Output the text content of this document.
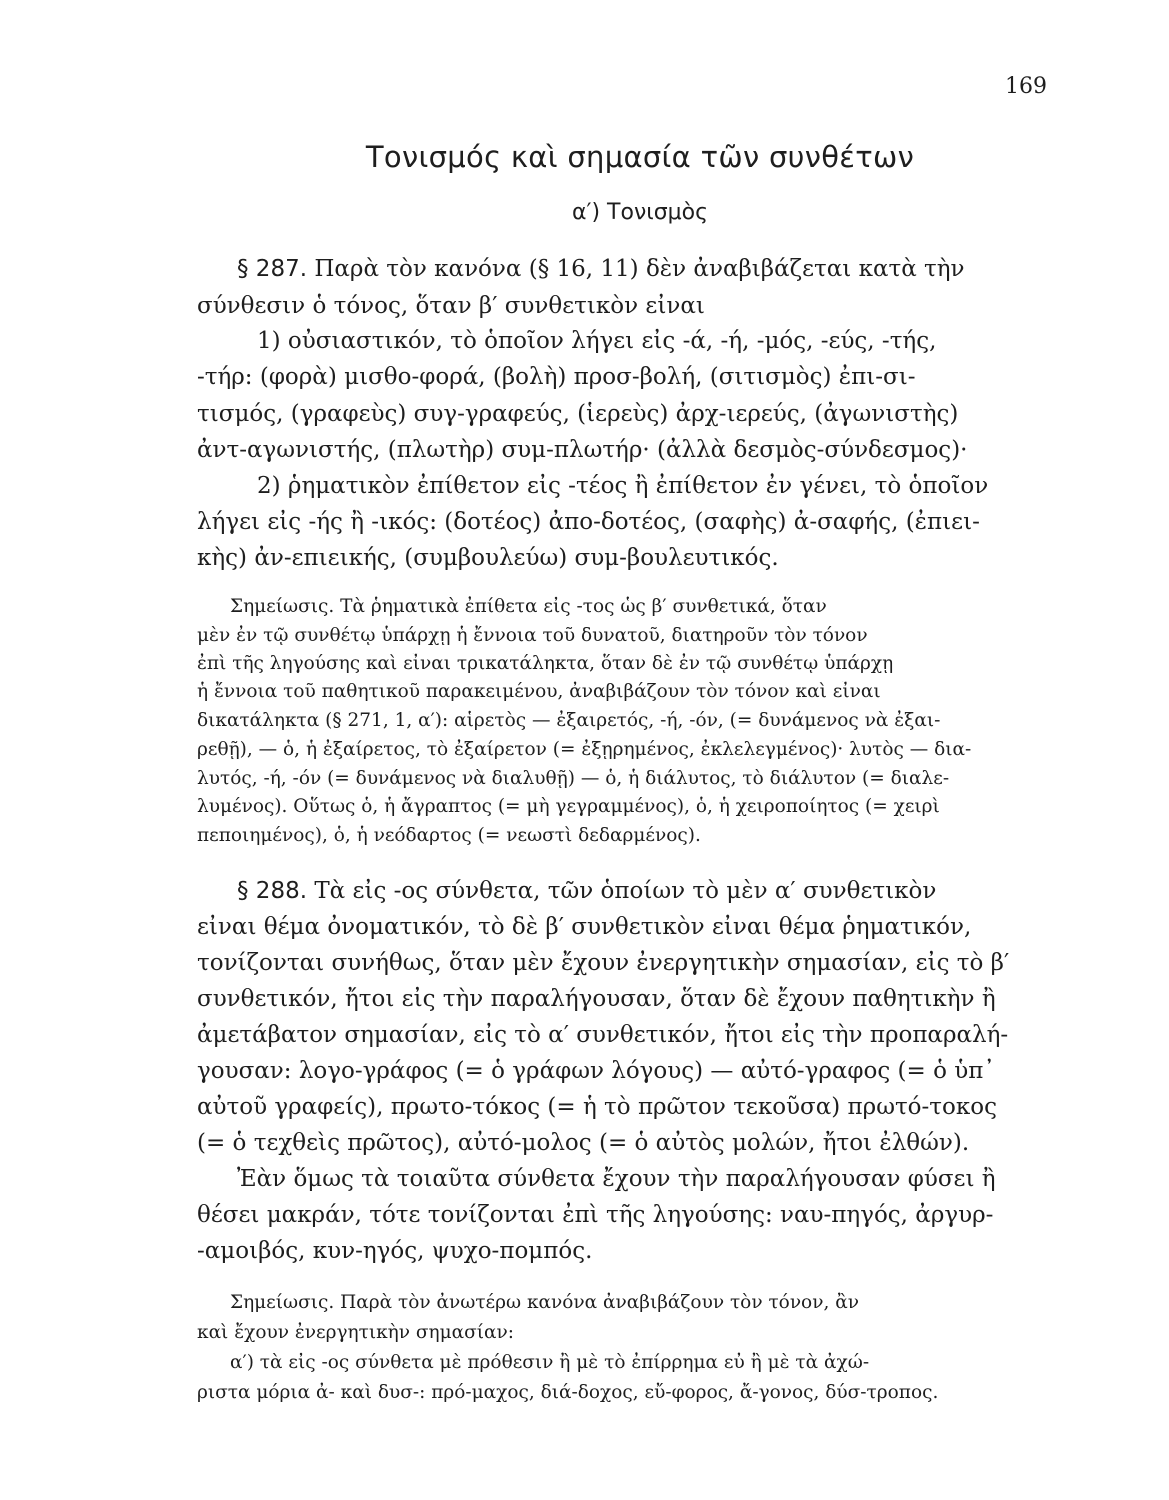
169
Τονισμός καὶ σημασία τῶν συνθέτων
α′) Τονισμὸς
§ 287. Παρὰ τὸν κανόνα (§ 16, 11) δὲν ἀναβιβάζεται κατὰ τὴν
σύνθεσιν ὁ τόνος, ὅταν β′ συνθετικὸν εἶναι
1) οὐσιαστικόν, τὸ ὁποῖον λήγει εἰς -ά, -ή, -μός, -εύς, -τής,
-τήρ: (φορὰ) μισθο-φορά, (βολὴ) προσ-βολή, (σιτισμὸς) ἐπι-σι-
τισμός, (γραφεὺς) συγ-γραφεύς, (ἱερεὺς) ἀρχ-ιερεύς, (ἀγωνιστὴς)
ἀντ-αγωνιστής, (πλωτὴρ) συμ-πλωτήρ· (ἀλλὰ δεσμὸς-σύνδεσμος)·
2) ῥηματικὸν ἐπίθετον εἰς -τέος ἢ ἐπίθετον ἐν γένει, τὸ ὁποῖον
λήγει εἰς -ής ἢ -ικός: (δοτέος) ἀπο-δοτέος, (σαφὴς) ἀ-σαφής, (ἐπιει-
κὴς) ἀν-επιεικής, (συμβουλεύω) συμ-βουλευτικός.
Σημείωσις. Τὰ ῥηματικὰ ἐπίθετα εἰς -τος ὡς β′ συνθετικά, ὅταν
μὲν ἐν τῷ συνθέτῳ ὑπάρχῃ ἡ ἔννοια τοῦ δυνατοῦ, διατηροῦν τὸν τόνον
ἐπὶ τῆς ληγούσης καὶ εἶναι τρικατάληκτα, ὅταν δὲ ἐν τῷ συνθέτῳ ὑπάρχῃ
ἡ ἔννοια τοῦ παθητικοῦ παρακειμένου, ἀναβιβάζουν τὸν τόνον καὶ εἶναι
δικατάληκτα (§ 271, 1, α′): αἱρετὸς — ἐξαιρετός, -ή, -όν, (= δυνάμενος νὰ ἐξαι-
ρεθῇ), — ὁ, ἡ ἐξαίρετος, τὸ ἐξαίρετον (= ἐξῃρημένος, ἐκλελεγμένος)· λυτὸς — δια-
λυτός, -ή, -όν (= δυνάμενος νὰ διαλυθῇ) — ὁ, ἡ διάλυτος, τὸ διάλυτον (= διαλε-
λυμένος). Οὕτως ὁ, ἡ ἄγραπτος (= μὴ γεγραμμένος), ὁ, ἡ χειροποίητος (= χειρὶ
πεποιημένος), ὁ, ἡ νεόδαρτος (= νεωστὶ δεδαρμένος).
§ 288. Τὰ εἰς -ος σύνθετα, τῶν ὁποίων τὸ μὲν α′ συνθετικὸν
εἶναι θέμα ὀνοματικόν, τὸ δὲ β′ συνθετικὸν εἶναι θέμα ῥηματικόν,
τονίζονται συνήθως, ὅταν μὲν ἔχουν ἐνεργητικὴν σημασίαν, εἰς τὸ β′
συνθετικόν, ἤτοι εἰς τὴν παραλήγουσαν, ὅταν δὲ ἔχουν παθητικὴν ἢ
ἀμετάβατον σημασίαν, εἰς τὸ α′ συνθετικόν, ἤτοι εἰς τὴν προπαραλή-
γουσαν: λογο-γράφος (= ὁ γράφων λόγους) — αὐτό-γραφος (= ὁ ὑπ᾽
αὐτοῦ γραφείς), πρωτο-τόκος (= ἡ τὸ πρῶτον τεκοῦσα) πρωτό-τοκος
(= ὁ τεχθεὶς πρῶτος), αὐτό-μολος (= ὁ αὐτὸς μολών, ἤτοι ἐλθών).
Ἐὰν ὅμως τὰ τοιαῦτα σύνθετα ἔχουν τὴν παραλήγουσαν φύσει ἢ
θέσει μακράν, τότε τονίζονται ἐπὶ τῆς ληγούσης: ναυ-πηγός, ἀργυρ-
-αμοιβός, κυν-ηγός, ψυχο-πομπός.
Σημείωσις. Παρὰ τὸν ἀνωτέρω κανόνα ἀναβιβάζουν τὸν τόνον, ἂν
καὶ ἔχουν ἐνεργητικὴν σημασίαν:
α′) τὰ εἰς -ος σύνθετα μὲ πρόθεσιν ἢ μὲ τὸ ἐπίρρημα εὖ ἢ μὲ τὰ ἀχώ-
ριστα μόρια ἀ- καὶ δυσ-: πρό-μαχος, διά-δοχος, εὔ-φορος, ἄ-γονος, δύσ-τροπος.
